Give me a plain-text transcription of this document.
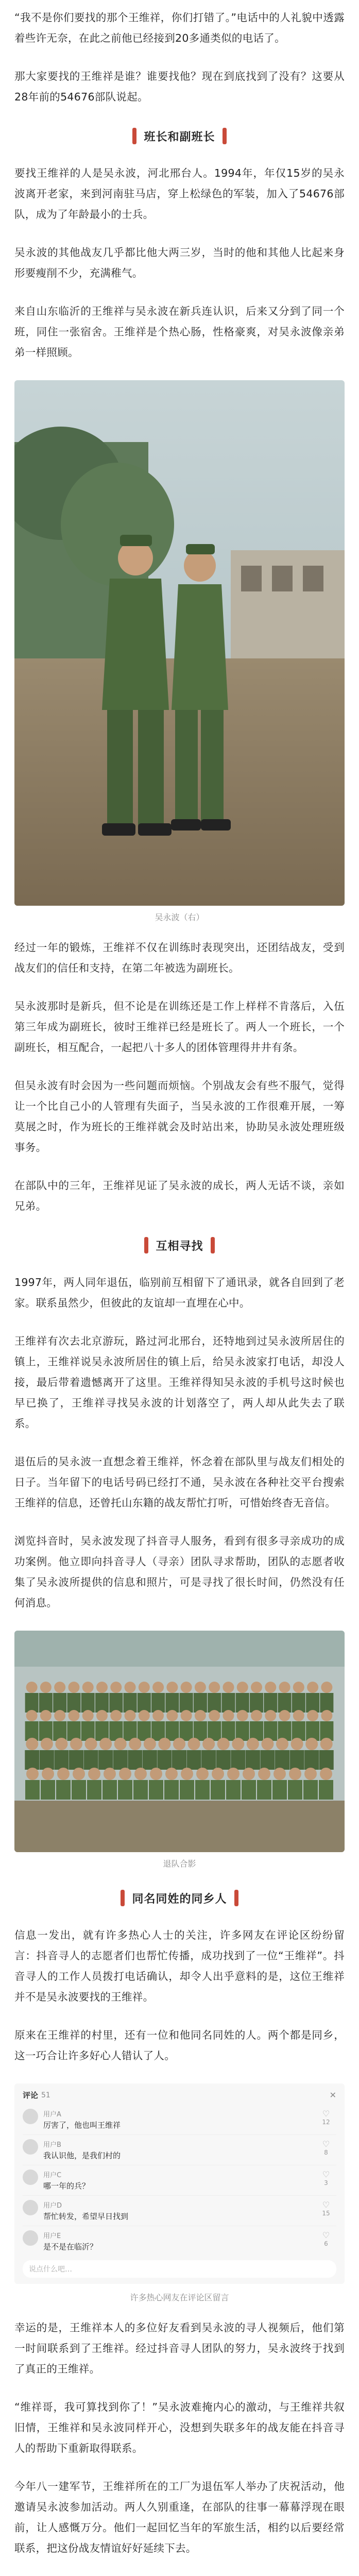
“我不是你们要找的那个王维祥，你们打错了。”电话中的人礼貌中透露着些许无奈，在此之前他已经接到20多通类似的电话了。

那大家要找的王维祥是谁？谁要找他？现在到底找到了没有？这要从28年前的54676部队说起。

班长和副班长

要找王维祥的人是吴永波，河北邢台人。1994年，年仅15岁的吴永波离开老家，来到河南驻马店，穿上松绿色的军装，加入了54676部队，成为了年龄最小的士兵。

吴永波的其他战友几乎都比他大两三岁，当时的他和其他人比起来身形要瘦削不少，充满稚气。

来自山东临沂的王维祥与吴永波在新兵连认识，后来又分到了同一个班，同住一张宿舍。王维祥是个热心肠，性格豪爽，对吴永波像亲弟弟一样照顾。

吴永波（右）

经过一年的锻炼，王维祥不仅在训练时表现突出，还团结战友，受到战友们的信任和支持，在第二年被选为副班长。

吴永波那时是新兵，但不论是在训练还是工作上样样不肯落后，入伍第三年成为副班长，彼时王维祥已经是班长了。两人一个班长，一个副班长，相互配合，一起把八十多人的团体管理得井井有条。

但吴永波有时会因为一些问题而烦恼。个别战友会有些不服气，觉得让一个比自己小的人管理有失面子，当吴永波的工作很难开展，一筹莫展之时，作为班长的王维祥就会及时站出来，协助吴永波处理班级事务。

在部队中的三年，王维祥见证了吴永波的成长，两人无话不谈，亲如兄弟。

互相寻找

1997年，两人同年退伍，临别前互相留下了通讯录，就各自回到了老家。联系虽然少，但彼此的友谊却一直埋在心中。

王维祥有次去北京游玩，路过河北邢台，还特地到过吴永波所居住的镇上，王维祥说吴永波所居住的镇上后，给吴永波家打电话，却没人接，最后带着遗憾离开了这里。王维祥得知吴永波的手机号这时候也早已换了，王维祥寻找吴永波的计划落空了，两人却从此失去了联系。

退伍后的吴永波一直想念着王维祥，怀念着在部队里与战友们相处的日子。当年留下的电话号码已经打不通，吴永波在各种社交平台搜索王维祥的信息，还曾托山东籍的战友帮忙打听，可惜始终杳无音信。

浏览抖音时，吴永波发现了抖音寻人服务，看到有很多寻亲成功的成功案例。他立即向抖音寻人（寻亲）团队寻求帮助，团队的志愿者收集了吴永波所提供的信息和照片，可是寻找了很长时间，仍然没有任何消息。

退队合影
同名同姓的同乡人

信息一发出，就有许多热心人士的关注，许多网友在评论区纷纷留言：抖音寻人的志愿者们也帮忙传播，成功找到了一位“王维祥”。抖音寻人的工作人员拨打电话确认，却令人出乎意料的是，这位王维祥并不是吴永波要找的王维祥。

原来在王维祥的村里，还有一位和他同名同姓的人。两个都是同乡，这一巧合让许多好心人错认了人。

评论 51	✕
用户A
厉害了，他也叫王维祥
♡
12
用户B
我认识他，是我们村的
♡
8
用户C
哪一年的兵？
♡
3
用户D
帮忙转发，希望早日找到
♡
15
用户E
是不是在临沂？
♡
6
说点什么吧…
许多热心网友在评论区留言

幸运的是，王维祥本人的多位好友看到吴永波的寻人视频后，他们第一时间联系到了王维祥。经过抖音寻人团队的努力，吴永波终于找到了真正的王维祥。

“维祥哥，我可算找到你了！”吴永波难掩内心的激动，与王维祥共叙旧情，王维祥和吴永波同样开心，没想到失联多年的战友能在抖音寻人的帮助下重新取得联系。

今年八一建军节，王维祥所在的工厂为退伍军人举办了庆祝活动，他邀请吴永波参加活动。两人久别重逢，在部队的往事一幕幕浮现在眼前，让人感慨万分。他们一起回忆当年的军旅生活，相约以后要经常联系，把这份战友情谊好好延续下去。
